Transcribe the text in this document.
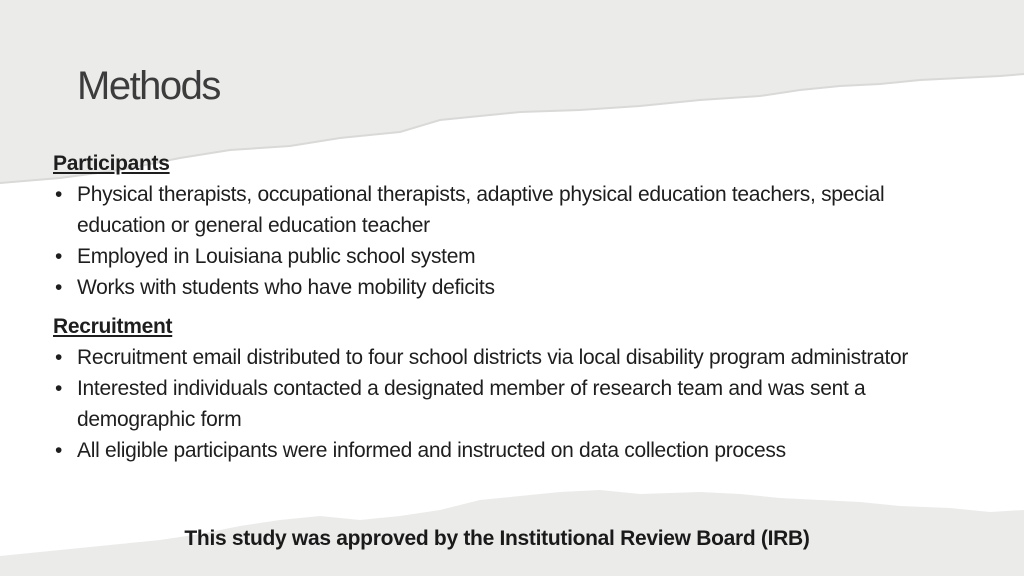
Methods
Participants
• Physical therapists, occupational therapists, adaptive physical education teachers, special education or general education teacher
• Employed in Louisiana public school system
• Works with students who have mobility deficits
Recruitment
• Recruitment email distributed to four school districts via local disability program administrator
• Interested individuals contacted a designated member of research team and was sent a demographic form
• All eligible participants were informed and instructed on data collection process
This study was approved by the Institutional Review Board (IRB)
